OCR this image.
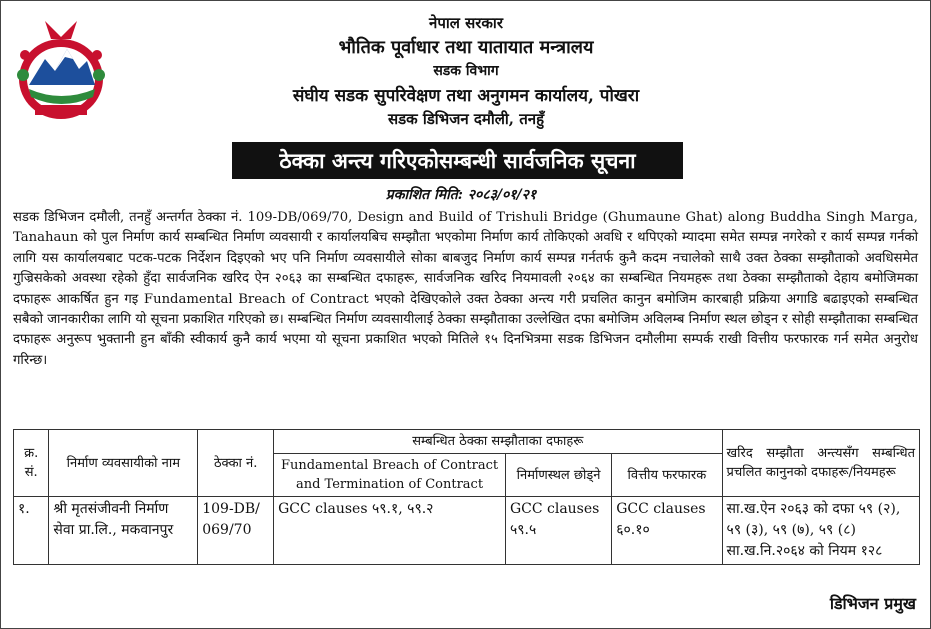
नेपाल सरकार
भौतिक पूर्वाधार तथा यातायात मन्त्रालय
सडक विभाग
संघीय सडक सुपरिवेक्षण तथा अनुगमन कार्यालय, पोखरा
सडक डिभिजन दमौली, तनहुँ
ठेक्का अन्त्य गरिएकोसम्बन्धी सार्वजनिक सूचना
प्रकाशित मिति: २०८३/०१/२१
सडक डिभिजन दमौली, तनहुँ अन्तर्गत ठेक्का नं. 109-DB/069/70, Design and Build of Trishuli Bridge (Ghumaune Ghat) along Buddha Singh Marga, Tanahaun को पुल निर्माण कार्य सम्बन्धित निर्माण व्यवसायी र कार्यालयबिच सम्झौता भएकोमा निर्माण कार्य तोकिएको अवधि र थपिएको म्यादमा समेत सम्पन्न नगरेको र कार्य सम्पन्न गर्नको लागि यस कार्यालयबाट पटक-पटक निर्देशन दिइएको भए पनि निर्माण व्यवसायीले सोका बाबजुद निर्माण कार्य सम्पन्न गर्नतर्फ कुनै कदम नचालेको साथै उक्त ठेक्का सम्झौताको अवधिसमेत गुज्रिसकेको अवस्था रहेको हुँदा सार्वजनिक खरिद ऐन २०६३ का सम्बन्धित दफाहरू, सार्वजनिक खरिद नियमावली २०६४ का सम्बन्धित नियमहरू तथा ठेक्का सम्झौताको देहाय बमोजिमका दफाहरू आकर्षित हुन गइ Fundamental Breach of Contract भएको देखिएकोले उक्त ठेक्का अन्त्य गरी प्रचलित कानुन बमोजिम कारबाही प्रक्रिया अगाडि बढाइएको सम्बन्धित सबैको जानकारीका लागि यो सूचना प्रकाशित गरिएको छ। सम्बन्धित निर्माण व्यवसायीलाई ठेक्का सम्झौताका उल्लेखित दफा बमोजिम अविलम्ब निर्माण स्थल छोड्न र सोही सम्झौताका सम्बन्धित दफाहरू अनुरूप भुक्तानी हुन बाँकी स्वीकार्य कुनै कार्य भएमा यो सूचना प्रकाशित भएको मितिले १५ दिनभित्रमा सडक डिभिजन दमौलीमा सम्पर्क राखी वित्तीय फरफारक गर्न समेत अनुरोध गरिन्छ।
क्र. सं.	निर्माण व्यवसायीको नाम	ठेक्का नं.	सम्बन्धित ठेक्का सम्झौताका दफाहरू			खरिद सम्झौता अन्त्यसँग सम्बन्धित प्रचलित कानुनको दफाहरू/नियमहरू
			Fundamental Breach of Contract and Termination of Contract	निर्माणस्थल छोड्ने	वित्तीय फरफारक	
१.	श्री मृतसंजीवनी निर्माण सेवा प्रा.लि., मकवानपुर	109-DB/ 069/70	GCC clauses ५९.१, ५९.२	GCC clauses ५९.५	GCC clauses ६०.१०	सा.ख.ऐन २०६३ को दफा ५९ (२), ५९ (३), ५९ (७), ५९ (८) सा.ख.नि.२०६४ को नियम १२८
डिभिजन प्रमुख
